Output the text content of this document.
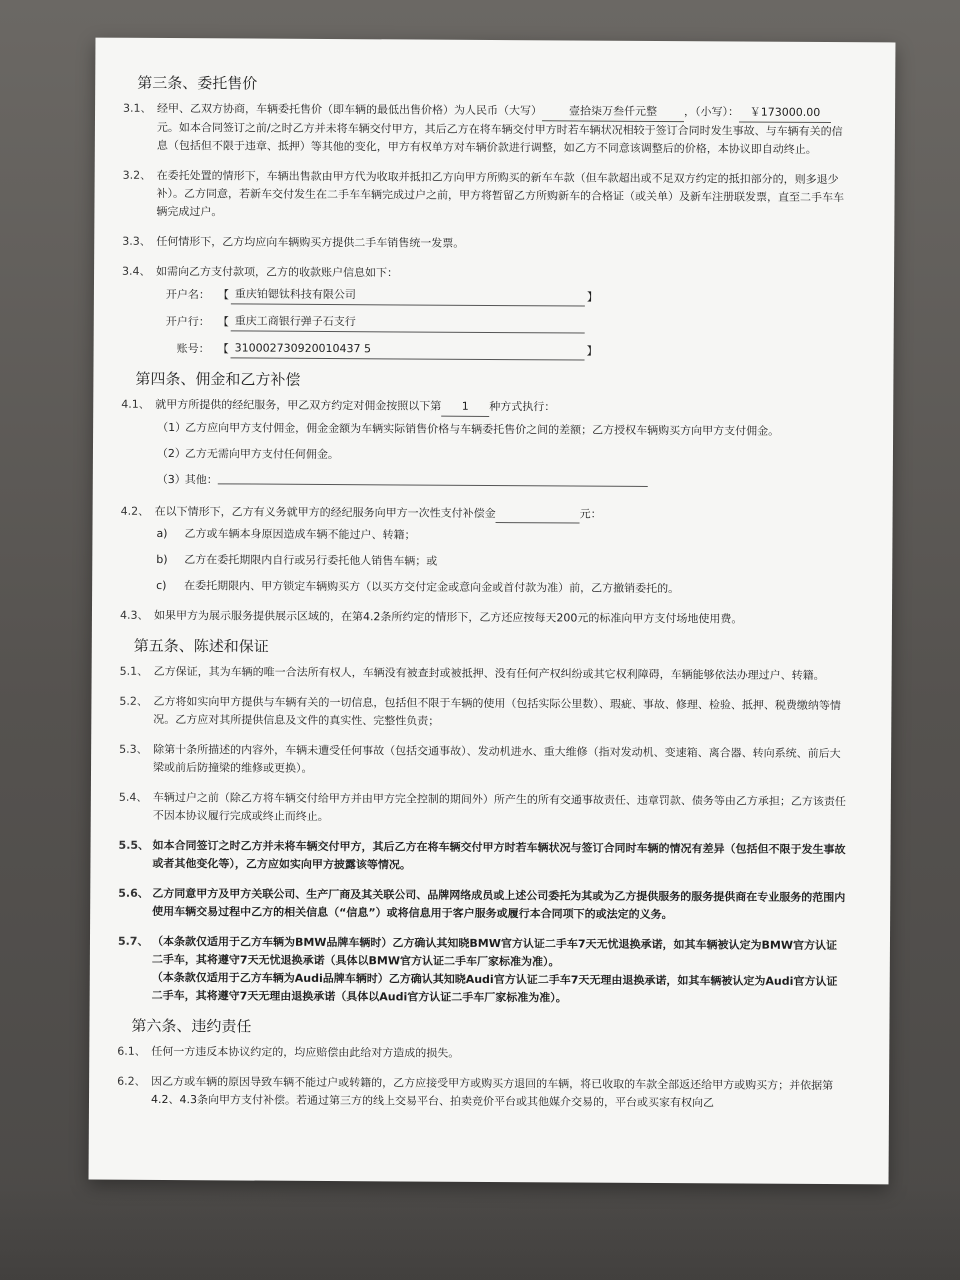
第三条、委托售价
3.1、 经甲、乙双方协商，车辆委托售价（即车辆的最低出售价格）为人民币（大写） 壹拾柒万叁仟元整 ，（小写）： ￥173000.00元。如本合同签订之前/之时乙方并未将车辆交付甲方，其后乙方在将车辆交付甲方时若车辆状况相较于签订合同时发生事故、与车辆有关的信息（包括但不限于违章、抵押）等其他的变化，甲方有权单方对车辆价款进行调整，如乙方不同意该调整后的价格，本协议即自动终止。
3.2、 在委托处置的情形下，车辆出售款由甲方代为收取并抵扣乙方向甲方所购买的新车车款（但车款超出或不足双方约定的抵扣部分的，则多退少补）。乙方同意，若新车交付发生在二手车车辆完成过户之前，甲方将暂留乙方所购新车的合格证（或关单）及新车注册联发票，直至二手车车辆完成过户。
3.3、 任何情形下，乙方均应向车辆购买方提供二手车销售统一发票。
3.4、 如需向乙方支付款项，乙方的收款账户信息如下：
开户名： 【 重庆铂锶钛科技有限公司	】
开户行： 【 重庆工商银行弹子石支行
账号： 【 310002730920010437 5	】
第四条、佣金和乙方补偿
4.1、 就甲方所提供的经纪服务，甲乙双方约定对佣金按照以下第 1 种方式执行：
（1）
乙方应向甲方支付佣金，佣金金额为车辆实际销售价格与车辆委托售价之间的差额；乙方授权车辆购买方向甲方支付佣金。
（2）
乙方无需向甲方支付任何佣金。
（3）
其他：
4.2、 在以下情形下，乙方有义务就甲方的经纪服务向甲方一次性支付补偿金	元：
a)	乙方或车辆本身原因造成车辆不能过户、转籍；
b)	乙方在委托期限内自行或另行委托他人销售车辆；或
c)	在委托期限内、甲方锁定车辆购买方（以买方交付定金或意向金或首付款为准）前，乙方撤销委托的。
4.3、 如果甲方为展示服务提供展示区域的，在第4.2条所约定的情形下，乙方还应按每天200元的标准向甲方支付场地使用费。
第五条、陈述和保证
5.1、 乙方保证，其为车辆的唯一合法所有权人，车辆没有被查封或被抵押、没有任何产权纠纷或其它权利障碍，车辆能够依法办理过户、转籍。
5.2、 乙方将如实向甲方提供与车辆有关的一切信息，包括但不限于车辆的使用（包括实际公里数）、瑕疵、事故、修理、检验、抵押、税费缴纳等情况。乙方应对其所提供信息及文件的真实性、完整性负责；
5.3、 除第十条所描述的内容外，车辆未遭受任何事故（包括交通事故）、发动机进水、重大维修（指对发动机、变速箱、离合器、转向系统、前后大梁或前后防撞梁的维修或更换）。
5.4、 车辆过户之前（除乙方将车辆交付给甲方并由甲方完全控制的期间外）所产生的所有交通事故责任、违章罚款、债务等由乙方承担；乙方该责任不因本协议履行完成或终止而终止。
5.5、 如本合同签订之时乙方并未将车辆交付甲方，其后乙方在将车辆交付甲方时若车辆状况与签订合同时车辆的情况有差异（包括但不限于发生事故或者其他变化等），乙方应如实向甲方披露该等情况。
5.6、 乙方同意甲方及甲方关联公司、生产厂商及其关联公司、品牌网络成员或上述公司委托为其或为乙方提供服务的服务提供商在专业服务的范围内使用车辆交易过程中乙方的相关信息（“信息”）或将信息用于客户服务或履行本合同项下的或法定的义务。
5.7、 （本条款仅适用于乙方车辆为BMW品牌车辆时）乙方确认其知晓BMW官方认证二手车7天无忧退换承诺，如其车辆被认定为BMW官方认证二手车，其将遵守7天无忧退换承诺（具体以BMW官方认证二手车厂家标准为准）。
（本条款仅适用于乙方车辆为Audi品牌车辆时）乙方确认其知晓Audi官方认证二手车7天无理由退换承诺，如其车辆被认定为Audi官方认证二手车，其将遵守7天无理由退换承诺（具体以Audi官方认证二手车厂家标准为准）。
第六条、违约责任
6.1、 任何一方违反本协议约定的，均应赔偿由此给对方造成的损失。
6.2、 因乙方或车辆的原因导致车辆不能过户或转籍的，乙方应接受甲方或购买方退回的车辆，将已收取的车款全部返还给甲方或购买方；并依据第4.2、4.3条向甲方支付补偿。若通过第三方的线上交易平台、拍卖竞价平台或其他媒介交易的，平台或买家有权向乙
